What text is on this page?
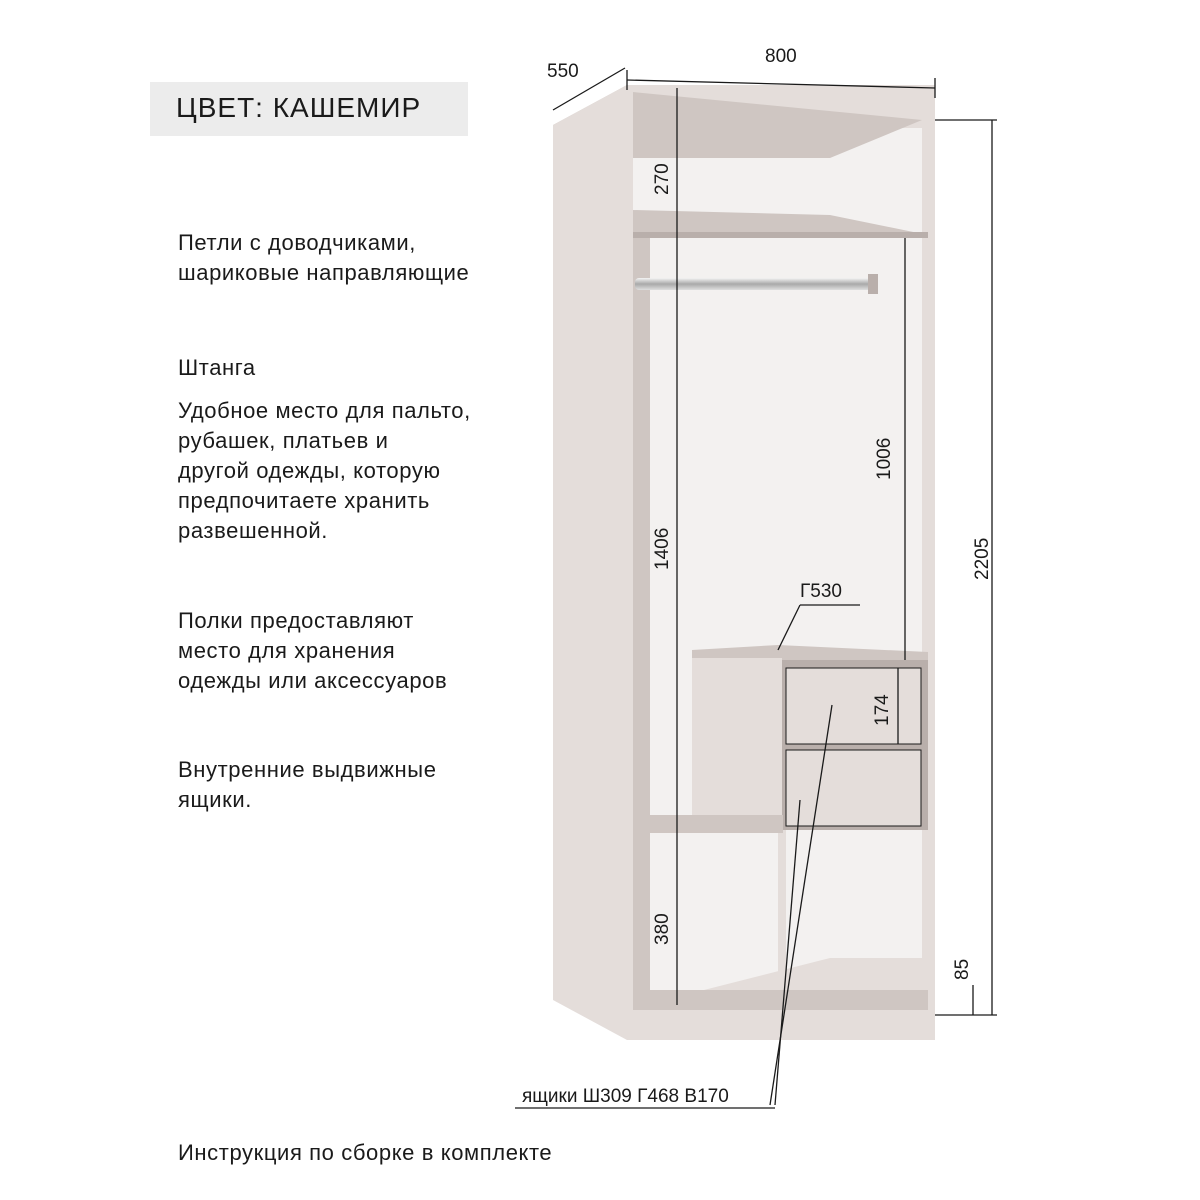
ЦВЕТ: КАШЕМИР
Петли с доводчиками,
шариковые направляющие
Штанга
Удобное место для пальто,
рубашек, платьев и
другой одежды, которую
предпочитаете хранить
развешенной.
Полки предоставляют
место для хранения
одежды или аксессуаров
Внутренние выдвижные
ящики.
Инструкция по сборке в комплекте
800
550
2205
270
1406
1006
Г530
174
380
85
ящики Ш309 Г468 В170
